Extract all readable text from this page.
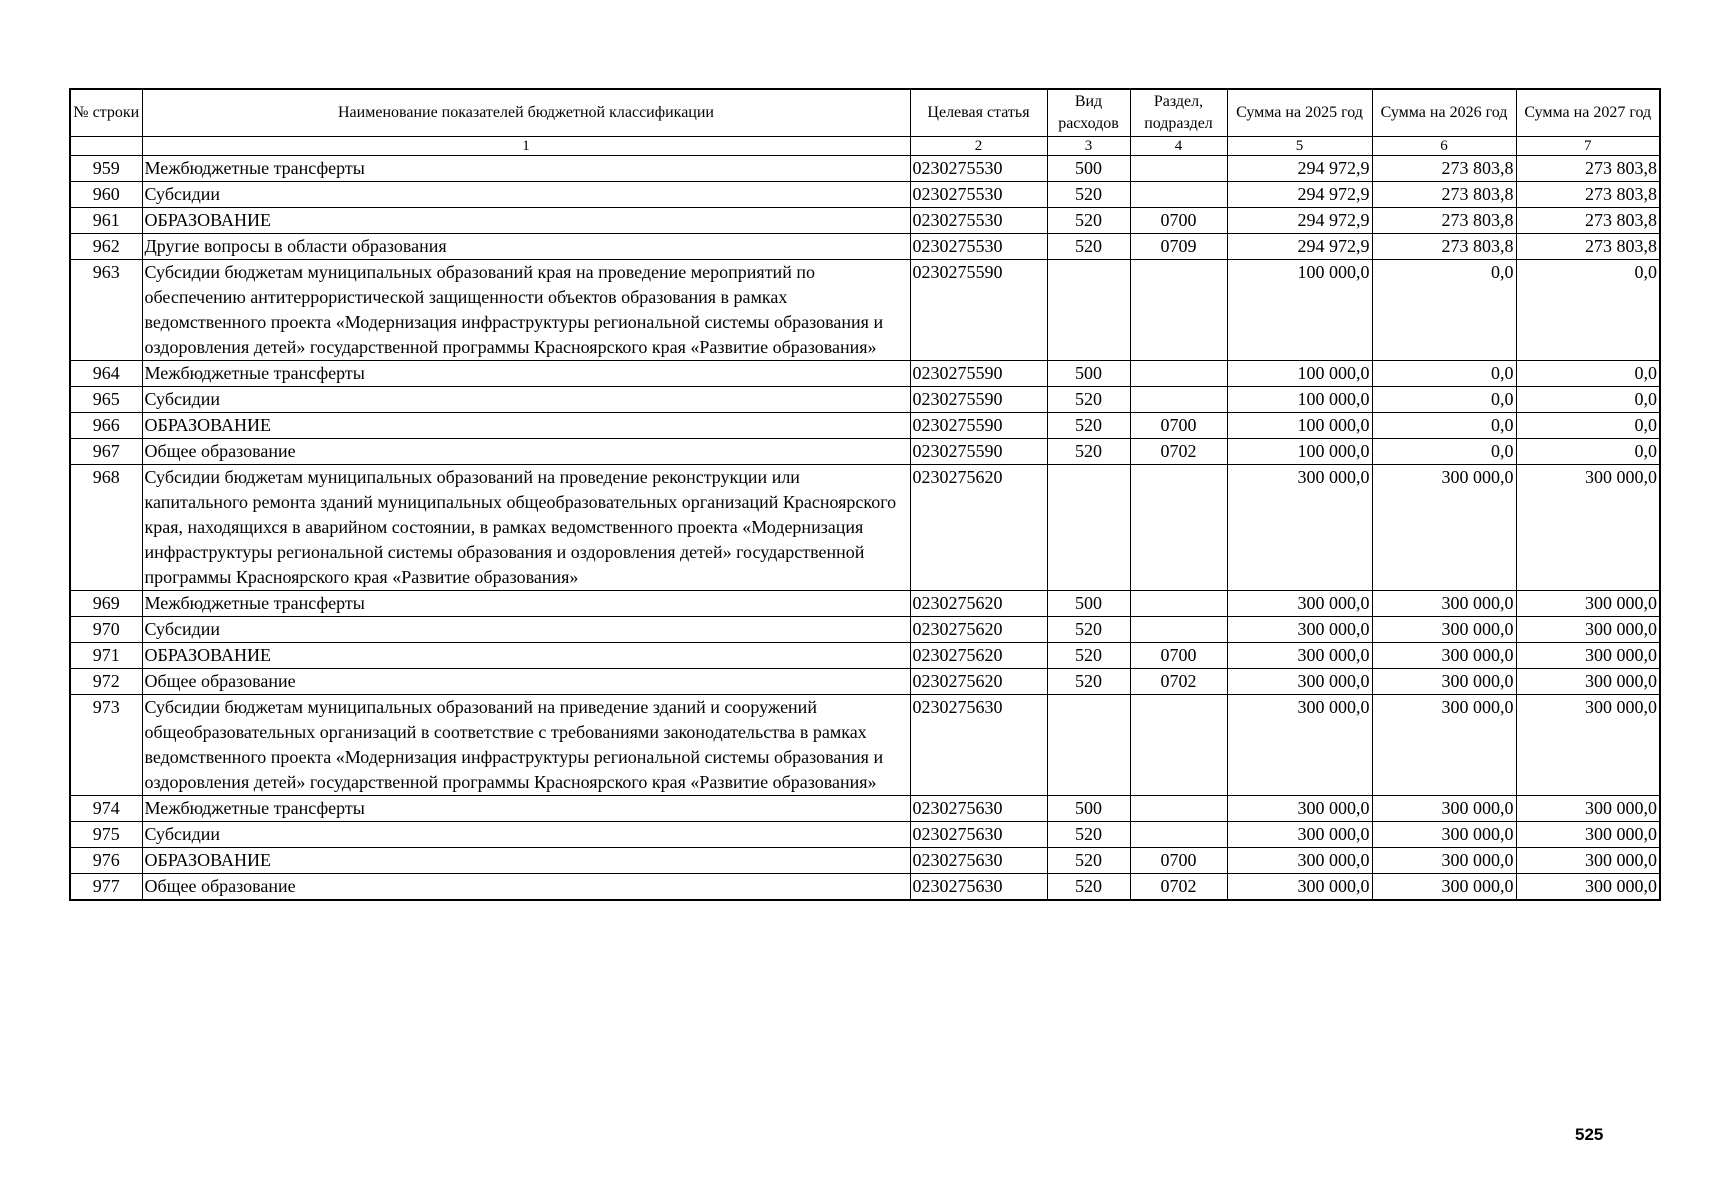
№ строки	Наименование показателей бюджетной классификации	Целевая статья	Вид расходов	Раздел, подраздел	Сумма на 2025 год	Сумма на 2026 год	Сумма на 2027 год
	1	2	3	4	5	6	7
959	Межбюджетные трансферты	0230275530	500		294 972,9	273 803,8	273 803,8
960	Субсидии	0230275530	520		294 972,9	273 803,8	273 803,8
961	ОБРАЗОВАНИЕ	0230275530	520	0700	294 972,9	273 803,8	273 803,8
962	Другие вопросы в области образования	0230275530	520	0709	294 972,9	273 803,8	273 803,8
963	Субсидии бюджетам муниципальных образований края на проведение мероприятий по обеспечению антитеррористической защищенности объектов образования в рамках ведомственного проекта «Модернизация инфраструктуры региональной системы образования и оздоровления детей» государственной программы Красноярского края «Развитие образования»	0230275590			100 000,0	0,0	0,0
964	Межбюджетные трансферты	0230275590	500		100 000,0	0,0	0,0
965	Субсидии	0230275590	520		100 000,0	0,0	0,0
966	ОБРАЗОВАНИЕ	0230275590	520	0700	100 000,0	0,0	0,0
967	Общее образование	0230275590	520	0702	100 000,0	0,0	0,0
968	Субсидии бюджетам муниципальных образований на проведение реконструкции или капитального ремонта зданий муниципальных общеобразовательных организаций Красноярского края, находящихся в аварийном состоянии, в рамках ведомственного проекта «Модернизация инфраструктуры региональной системы образования и оздоровления детей» государственной программы Красноярского края «Развитие образования»	0230275620			300 000,0	300 000,0	300 000,0
969	Межбюджетные трансферты	0230275620	500		300 000,0	300 000,0	300 000,0
970	Субсидии	0230275620	520		300 000,0	300 000,0	300 000,0
971	ОБРАЗОВАНИЕ	0230275620	520	0700	300 000,0	300 000,0	300 000,0
972	Общее образование	0230275620	520	0702	300 000,0	300 000,0	300 000,0
973	Субсидии бюджетам муниципальных образований на приведение зданий и сооружений общеобразовательных организаций в соответствие с требованиями законодательства в рамках ведомственного проекта «Модернизация инфраструктуры региональной системы образования и оздоровления детей» государственной программы Красноярского края «Развитие образования»	0230275630			300 000,0	300 000,0	300 000,0
974	Межбюджетные трансферты	0230275630	500		300 000,0	300 000,0	300 000,0
975	Субсидии	0230275630	520		300 000,0	300 000,0	300 000,0
976	ОБРАЗОВАНИЕ	0230275630	520	0700	300 000,0	300 000,0	300 000,0
977	Общее образование	0230275630	520	0702	300 000,0	300 000,0	300 000,0
525
